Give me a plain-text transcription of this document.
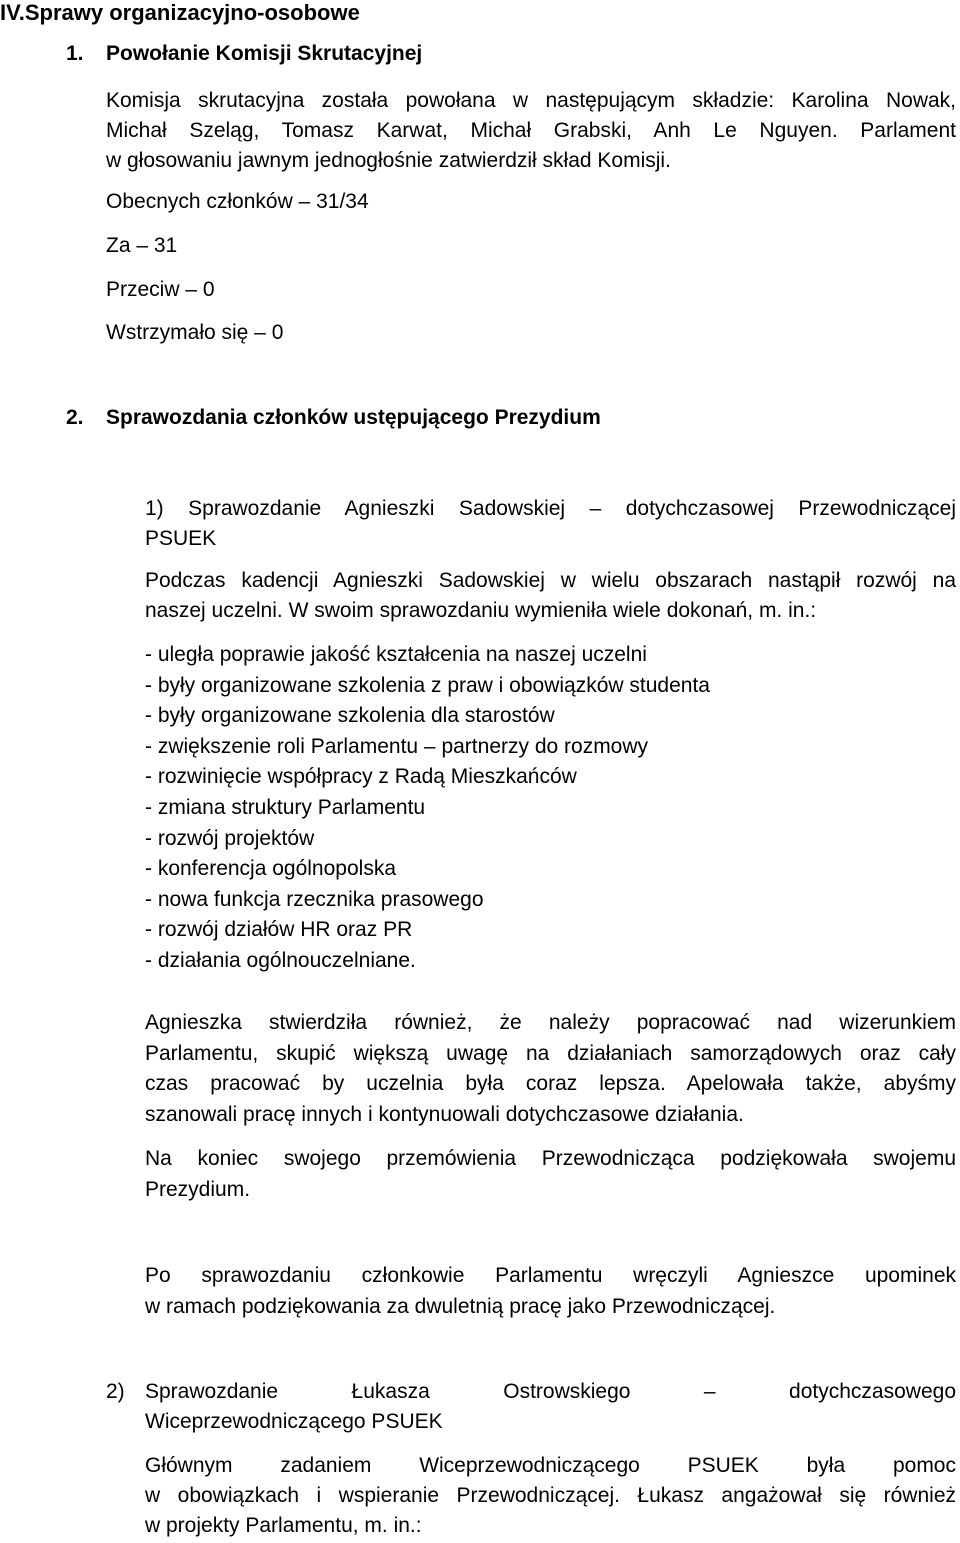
IV.Sprawy organizacyjno-osobowe
1. Powołanie Komisji Skrutacyjnej
Komisja skrutacyjna została powołana w następującym składzie: Karolina Nowak,
Michał Szeląg, Tomasz Karwat, Michał Grabski, Anh Le Nguyen. Parlament
w głosowaniu jawnym jednogłośnie zatwierdził skład Komisji.
Obecnych członków – 31/34
Za – 31
Przeciw – 0
Wstrzymało się – 0
2. Sprawozdania członków ustępującego Prezydium
1) Sprawozdanie Agnieszki Sadowskiej – dotychczasowej Przewodniczącej
PSUEK
Podczas kadencji Agnieszki Sadowskiej w wielu obszarach nastąpił rozwój na
naszej uczelni. W swoim sprawozdaniu wymieniła wiele dokonań, m. in.:
- uległa poprawie jakość kształcenia na naszej uczelni
- były organizowane szkolenia z praw i obowiązków studenta
- były organizowane szkolenia dla starostów
- zwiększenie roli Parlamentu – partnerzy do rozmowy
- rozwinięcie współpracy z Radą Mieszkańców
- zmiana struktury Parlamentu
- rozwój projektów
- konferencja ogólnopolska
- nowa funkcja rzecznika prasowego
- rozwój działów HR oraz PR
- działania ogólnouczelniane.
Agnieszka stwierdziła również, że należy popracować nad wizerunkiem
Parlamentu, skupić większą uwagę na działaniach samorządowych oraz cały
czas pracować by uczelnia była coraz lepsza. Apelowała także, abyśmy
szanowali pracę innych i kontynuowali dotychczasowe działania.
Na koniec swojego przemówienia Przewodnicząca podziękowała swojemu
Prezydium.
Po sprawozdaniu członkowie Parlamentu wręczyli Agnieszce upominek
w ramach podziękowania za dwuletnią pracę jako Przewodniczącej.
2) Sprawozdanie Łukasza Ostrowskiego – dotychczasowego
Wiceprzewodniczącego PSUEK
Głównym zadaniem Wiceprzewodniczącego PSUEK była pomoc
w obowiązkach i wspieranie Przewodniczącej. Łukasz angażował się również
w projekty Parlamentu, m. in.:
